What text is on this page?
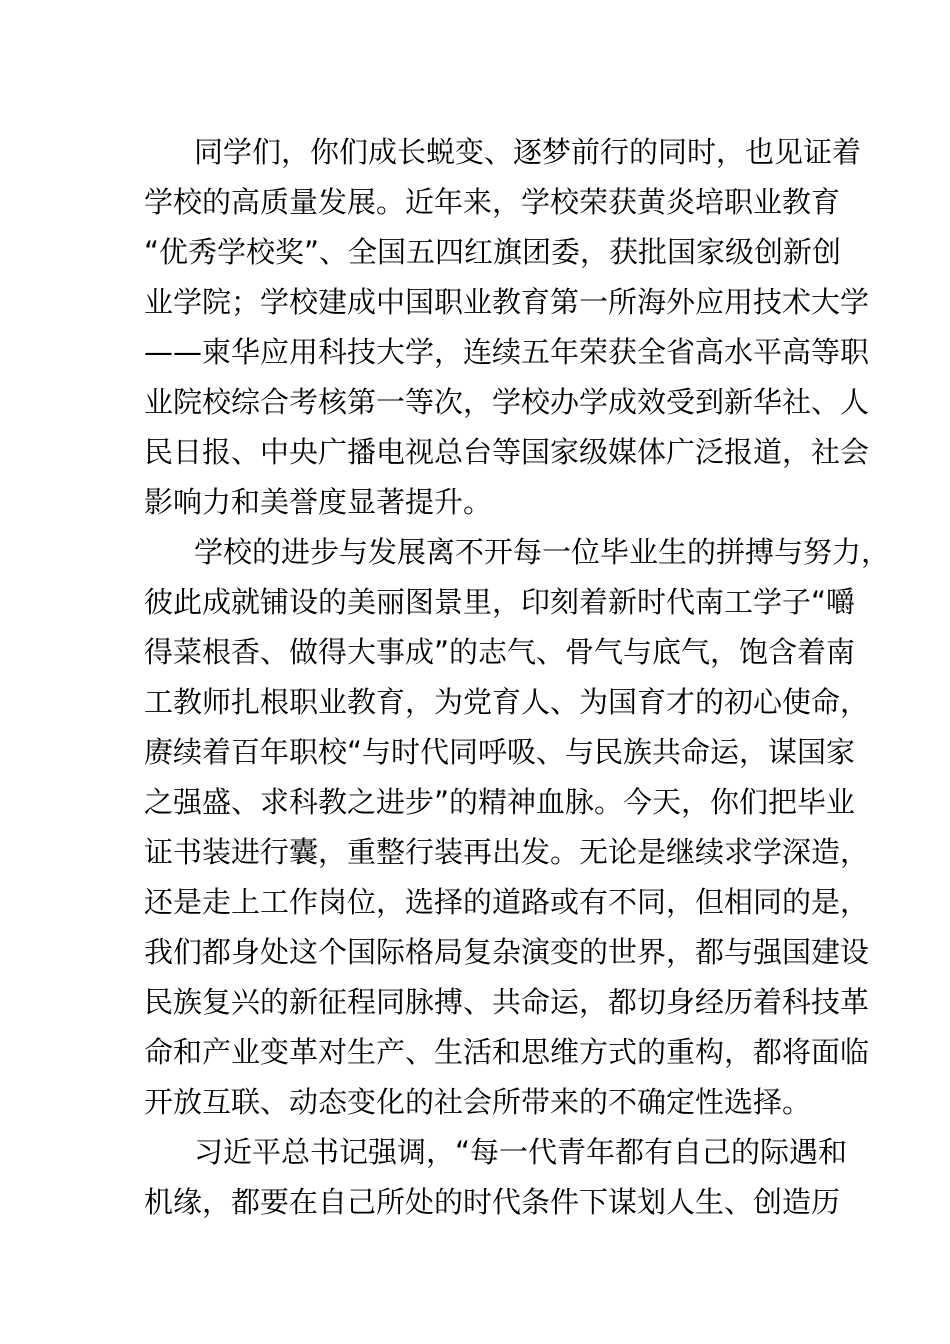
同学们，你们成长蜕变、逐梦前行的同时，也见证着
学校的高质量发展。近年来，学校荣获黄炎培职业教育
“优秀学校奖”、全国五四红旗团委，获批国家级创新创
业学院；学校建成中国职业教育第一所海外应用技术大学
——柬华应用科技大学，连续五年荣获全省高水平高等职
业院校综合考核第一等次，学校办学成效受到新华社、人
民日报、中央广播电视总台等国家级媒体广泛报道，社会
影响力和美誉度显著提升。
学校的进步与发展离不开每一位毕业生的拼搏与努力，
彼此成就铺设的美丽图景里，印刻着新时代南工学子“嚼
得菜根香、做得大事成”的志气、骨气与底气，饱含着南
工教师扎根职业教育，为党育人、为国育才的初心使命，
赓续着百年职校“与时代同呼吸、与民族共命运，谋国家
之强盛、求科教之进步”的精神血脉。今天，你们把毕业
证书装进行囊，重整行装再出发。无论是继续求学深造，
还是走上工作岗位，选择的道路或有不同，但相同的是，
我们都身处这个国际格局复杂演变的世界，都与强国建设
民族复兴的新征程同脉搏、共命运，都切身经历着科技革
命和产业变革对生产、生活和思维方式的重构，都将面临
开放互联、动态变化的社会所带来的不确定性选择。
习近平总书记强调，“每一代青年都有自己的际遇和
机缘，都要在自己所处的时代条件下谋划人生、创造历
